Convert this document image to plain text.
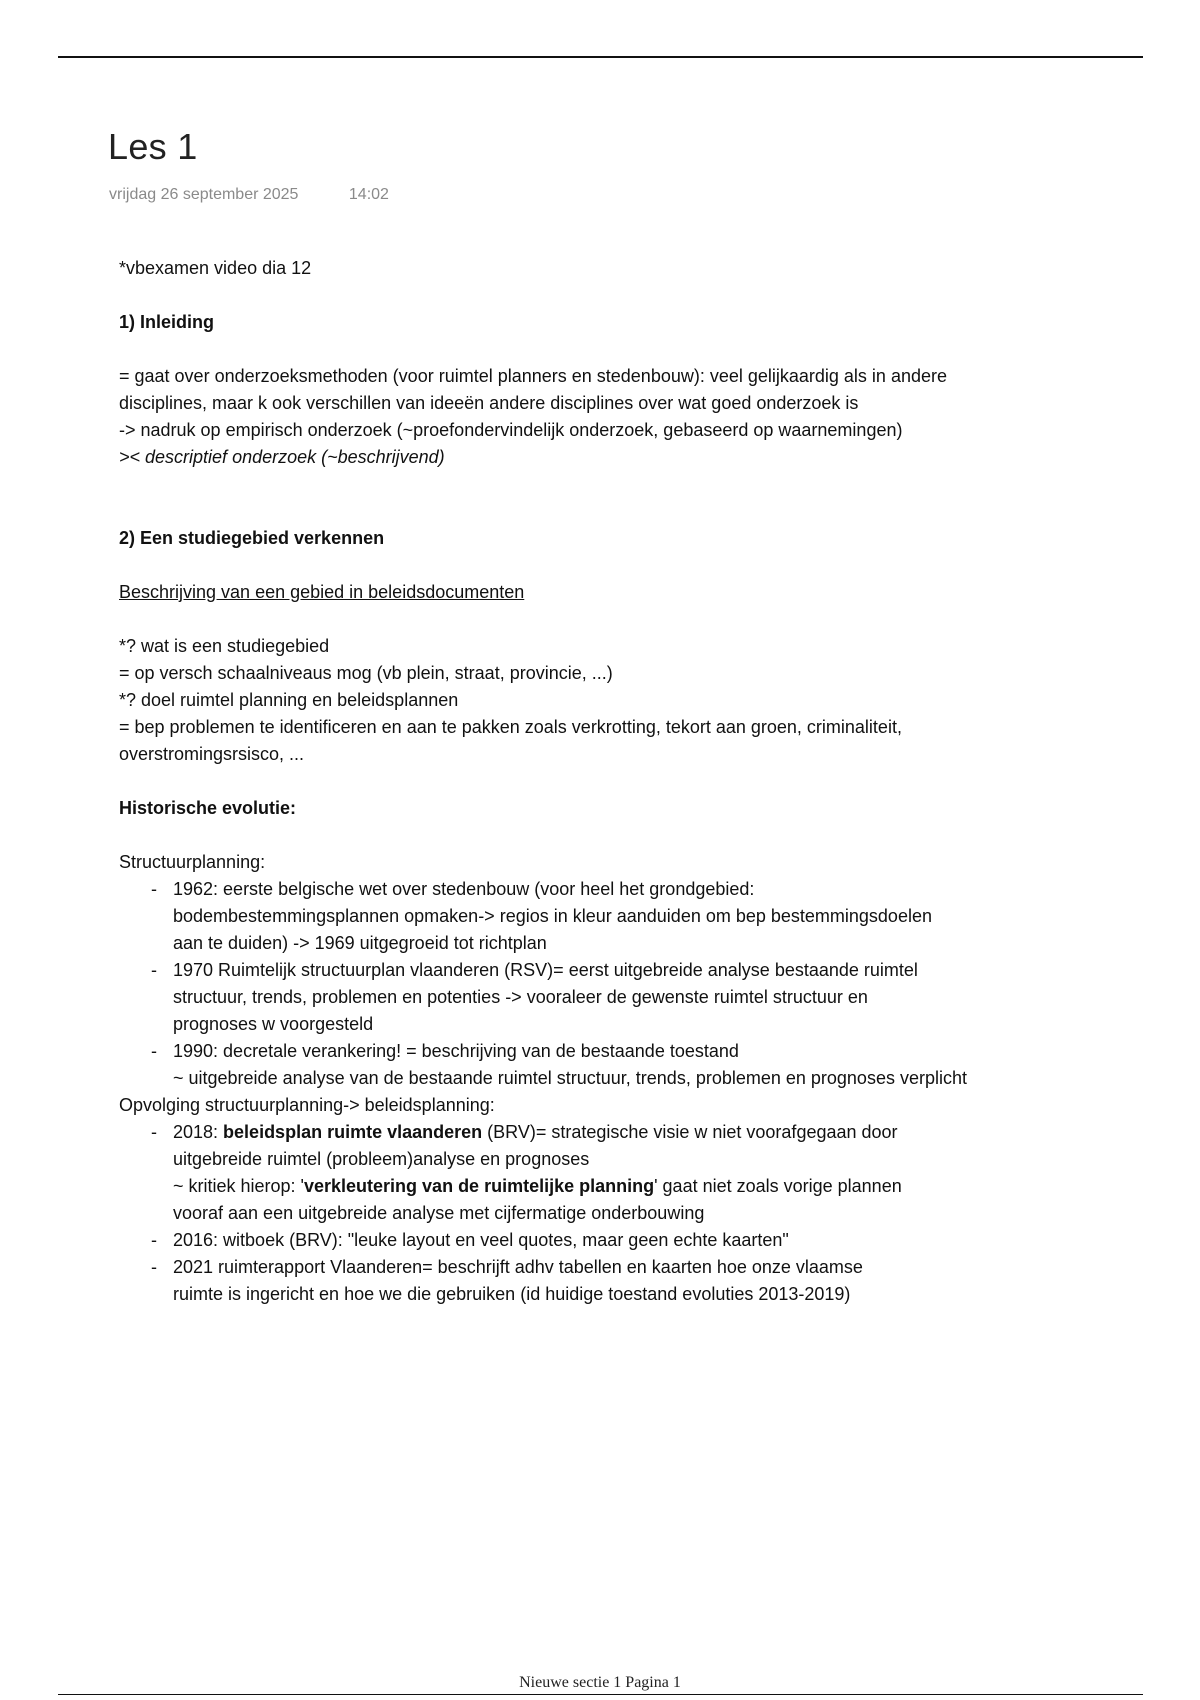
Les 1
vrijdag 26 september 2025	14:02

*vbexamen video dia 12

1) Inleiding

= gaat over onderzoeksmethoden (voor ruimtel planners en stedenbouw): veel gelijkaardig als in andere

disciplines, maar k ook verschillen van ideeën andere disciplines over wat goed onderzoek is

-> nadruk op empirisch onderzoek (~proefondervindelijk onderzoek, gebaseerd op waarnemingen)

>< descriptief onderzoek (~beschrijvend)

2) Een studiegebied verkennen

Beschrijving van een gebied in beleidsdocumenten

*? wat is een studiegebied

= op versch schaalniveaus mog (vb plein, straat, provincie, ...)

*? doel ruimtel planning en beleidsplannen

= bep problemen te identificeren en aan te pakken zoals verkrotting, tekort aan groen, criminaliteit,

overstromingsrsisco, ...

Historische evolutie:

Structuurplanning:

- 1962: eerste belgische wet over stedenbouw (voor heel het grondgebied:
bodembestemmingsplannen opmaken-> regios in kleur aanduiden om bep bestemmingsdoelen
aan te duiden) -> 1969 uitgegroeid tot richtplan
- 1970 Ruimtelijk structuurplan vlaanderen (RSV)= eerst uitgebreide analyse bestaande ruimtel
structuur, trends, problemen en potenties -> vooraleer de gewenste ruimtel structuur en
prognoses w voorgesteld
- 1990: decretale verankering! = beschrijving van de bestaande toestand
~ uitgebreide analyse van de bestaande ruimtel structuur, trends, problemen en prognoses verplicht

Opvolging structuurplanning-> beleidsplanning:

- 2018: beleidsplan ruimte vlaanderen (BRV)= strategische visie w niet voorafgegaan door
uitgebreide ruimtel (probleem)analyse en prognoses
~ kritiek hierop: 'verkleutering van de ruimtelijke planning' gaat niet zoals vorige plannen
vooraf aan een uitgebreide analyse met cijfermatige onderbouwing
- 2016: witboek (BRV): "leuke layout en veel quotes, maar geen echte kaarten"
- 2021 ruimterapport Vlaanderen= beschrijft adhv tabellen en kaarten hoe onze vlaamse
ruimte is ingericht en hoe we die gebruiken (id huidige toestand evoluties 2013-2019)
Nieuwe sectie 1 Pagina 1
